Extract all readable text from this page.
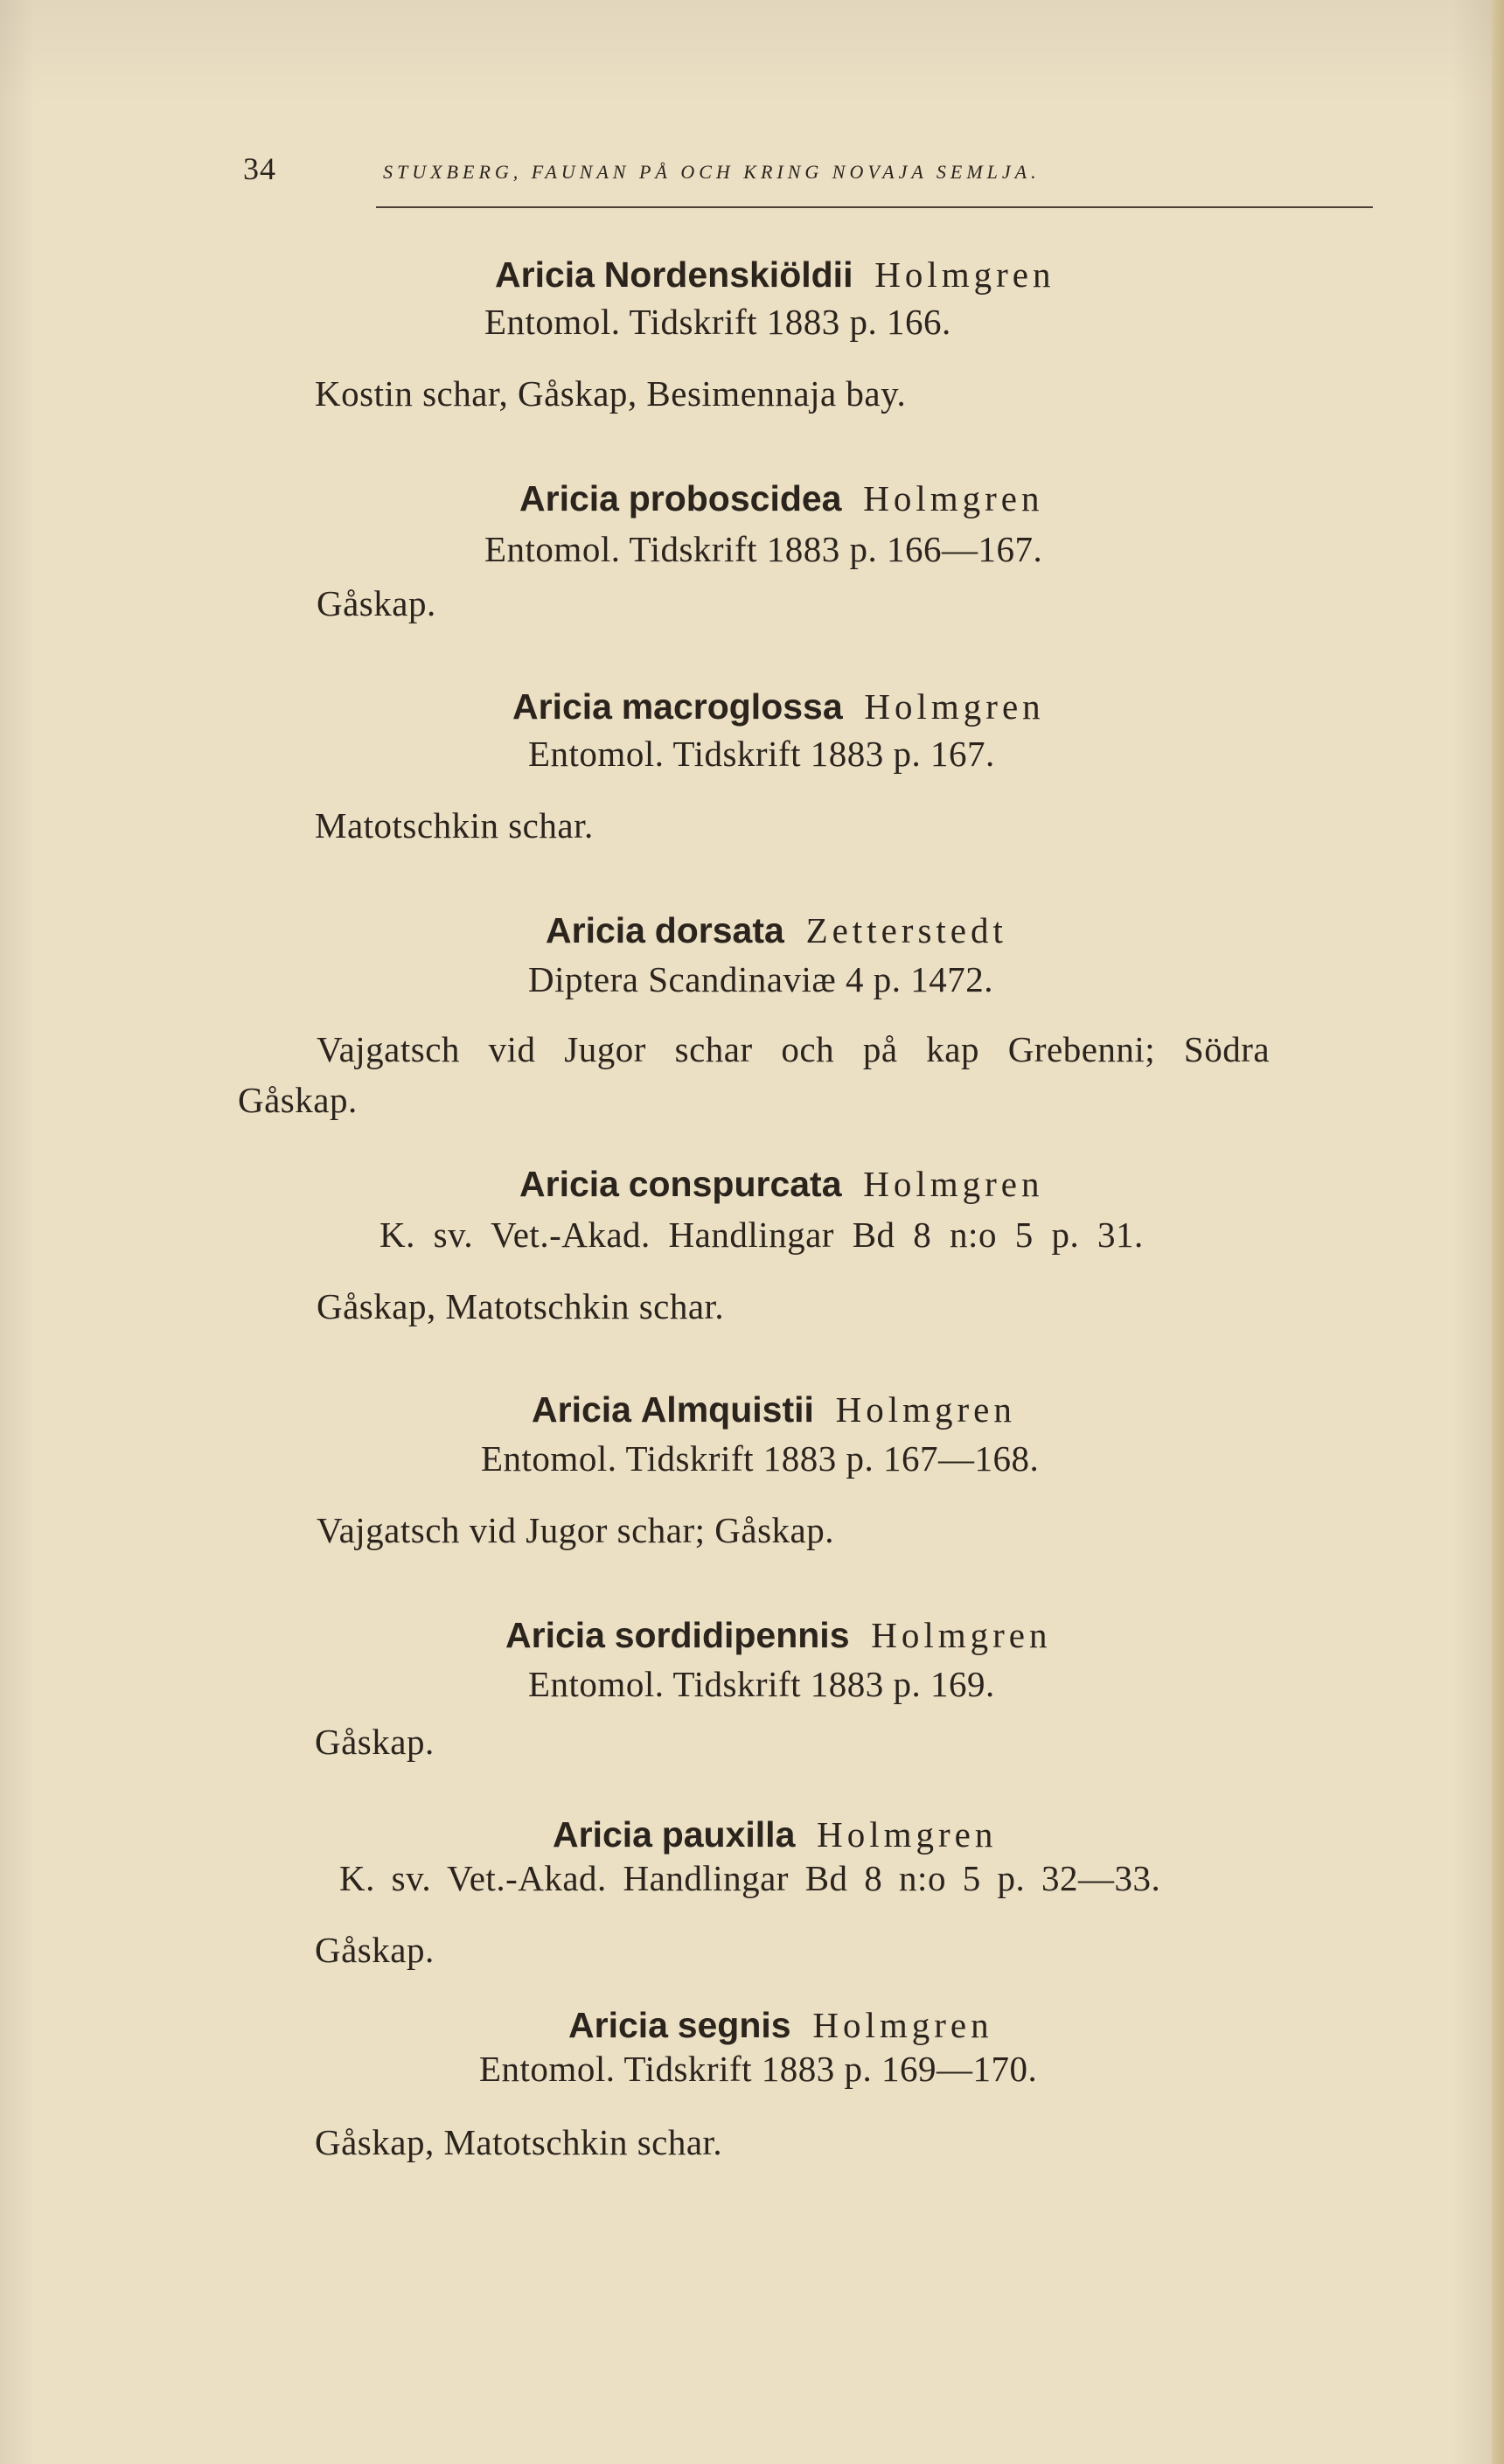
34	STUXBERG, FAUNAN PÅ OCH KRING NOVAJA SEMLJA.
Aricia Nordenskiöldii Holmgren
Entomol. Tidskrift 1883 p. 166.
Kostin schar, Gåskap, Besimennaja bay.
Aricia proboscidea Holmgren
Entomol. Tidskrift 1883 p. 166—167.
Gåskap.
Aricia macroglossa Holmgren
Entomol. Tidskrift 1883 p. 167.
Matotschkin schar.
Aricia dorsata Zetterstedt
Diptera Scandinaviæ 4 p. 1472.
Vajgatsch vid Jugor schar och på kap Grebenni; Södra
Gåskap.
Aricia conspurcata Holmgren
K. sv. Vet.-Akad. Handlingar Bd 8 n:o 5 p. 31.
Gåskap, Matotschkin schar.
Aricia Almquistii Holmgren
Entomol. Tidskrift 1883 p. 167—168.
Vajgatsch vid Jugor schar; Gåskap.
Aricia sordidipennis Holmgren
Entomol. Tidskrift 1883 p. 169.
Gåskap.
Aricia pauxilla Holmgren
K. sv. Vet.-Akad. Handlingar Bd 8 n:o 5 p. 32—33.
Gåskap.
Aricia segnis Holmgren
Entomol. Tidskrift 1883 p. 169—170.
Gåskap, Matotschkin schar.
